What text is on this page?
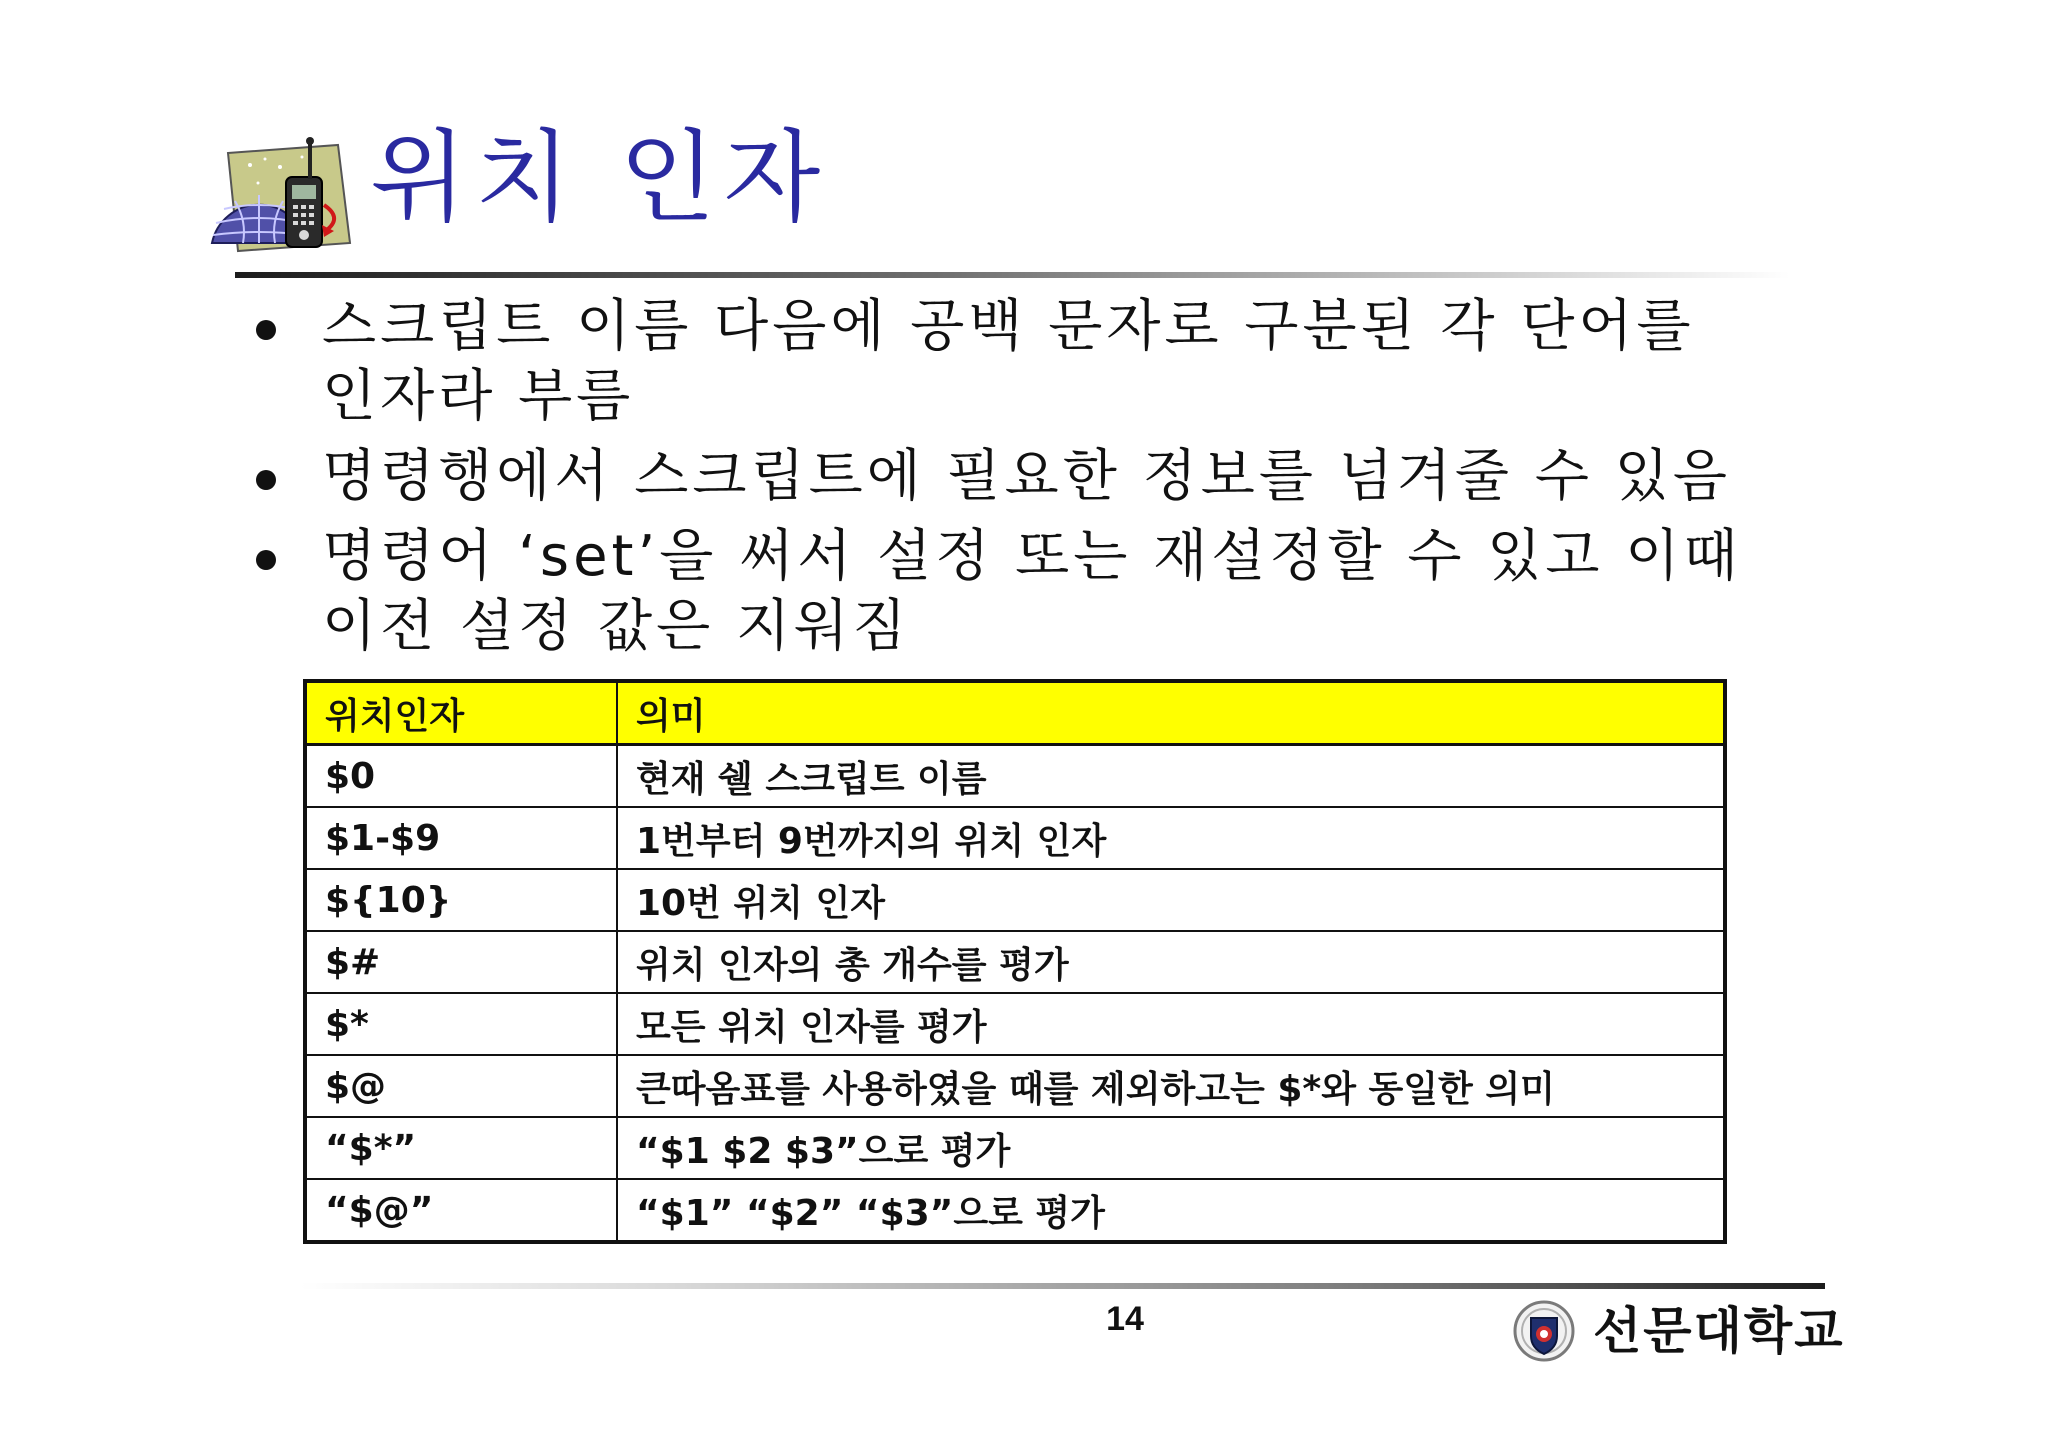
위치 인자
스크립트 이름 다음에 공백 문자로 구분된 각 단어를 인자라 부름
명령행에서 스크립트에 필요한 정보를 넘겨줄 수 있음
명령어 ‘set’을 써서 설정 또는 재설정할 수 있고 이때 이전 설정 값은 지워짐
위치인자	의미
$0	현재 쉘 스크립트 이름
$1-$9	1번부터 9번까지의 위치 인자
${10}	10번 위치 인자
$#	위치 인자의 총 개수를 평가
$*	모든 위치 인자를 평가
$@	큰따옴표를 사용하였을 때를 제외하고는 $*와 동일한 의미
“$*”	“$1 $2 $3”으로 평가
“$@”	“$1” “$2” “$3”으로 평가
14	선문대학교
